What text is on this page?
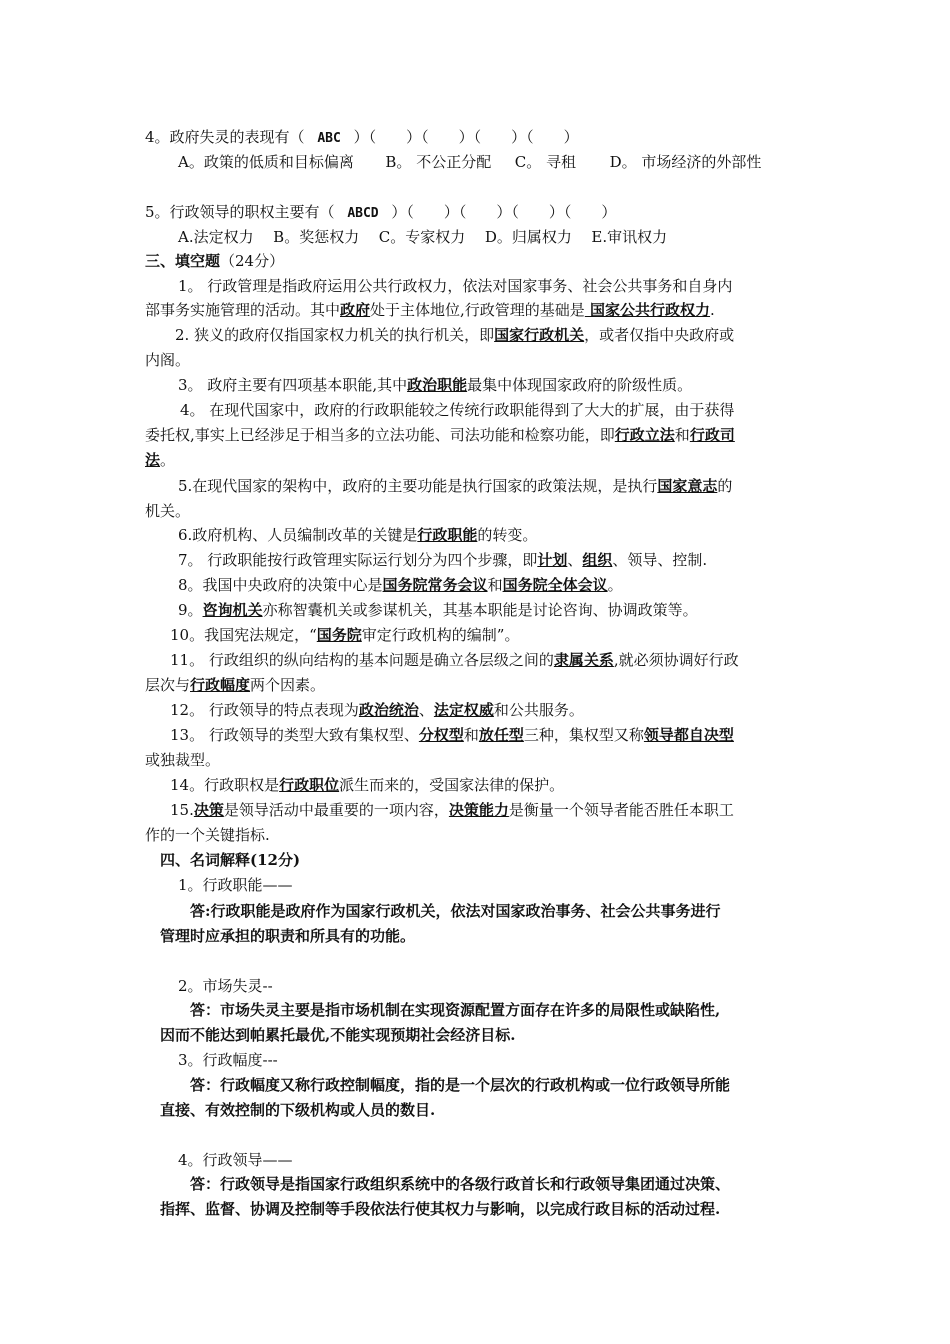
4。政府失灵的表现有（ ABC ）（　　）（　　）（　　）（　　）
A。政策的低质和目标偏离 B。 不公正分配 C。 寻租 D。 市场经济的外部性
5。行政领导的职权主要有（ ABCD ）（　　）（　　）（　　）（　　）
A.法定权力 B。奖惩权力 C。专家权力 D。归属权力 E.审讯权力
三、填空题（24分）
1。 行政管理是指政府运用公共行政权力，依法对国家事务、社会公共事务和自身内
部事务实施管理的活动。其中政府处于主体地位,行政管理的基础是 国家公共行政权力.
2. 狭义的政府仅指国家权力机关的执行机关，即国家行政机关，或者仅指中央政府或
内阁。
3。 政府主要有四项基本职能,其中政治职能最集中体现国家政府的阶级性质。
4。 在现代国家中，政府的行政职能较之传统行政职能得到了大大的扩展，由于获得
委托权,事实上已经涉足于相当多的立法功能、司法功能和检察功能，即行政立法和行政司
法。
5.在现代国家的架构中，政府的主要功能是执行国家的政策法规，是执行国家意志的
机关。
6.政府机构、人员编制改革的关键是行政职能的转变。
7。 行政职能按行政管理实际运行划分为四个步骤，即计划、组织、领导、控制.
8。我国中央政府的决策中心是国务院常务会议和国务院全体会议。
9。咨询机关亦称智囊机关或参谋机关，其基本职能是讨论咨询、协调政策等。
10。我国宪法规定，“国务院审定行政机构的编制”。
11。 行政组织的纵向结构的基本问题是确立各层级之间的隶属关系,就必须协调好行政
层次与行政幅度两个因素。
12。 行政领导的特点表现为政治统治、法定权威和公共服务。
13。 行政领导的类型大致有集权型、分权型和放任型三种，集权型又称领导都自决型
或独裁型。
14。行政职权是行政职位派生而来的，受国家法律的保护。
15.决策是领导活动中最重要的一项内容，决策能力是衡量一个领导者能否胜任本职工
作的一个关键指标.
四、名词解释(12分)
1。行政职能——
答:行政职能是政府作为国家行政机关，依法对国家政治事务、社会公共事务进行
管理时应承担的职责和所具有的功能。
2。市场失灵--
答：市场失灵主要是指市场机制在实现资源配置方面存在许多的局限性或缺陷性,
因而不能达到帕累托最优,不能实现预期社会经济目标.
3。行政幅度---
答：行政幅度又称行政控制幅度，指的是一个层次的行政机构或一位行政领导所能
直接、有效控制的下级机构或人员的数目.
4。行政领导——
答：行政领导是指国家行政组织系统中的各级行政首长和行政领导集团通过决策、
指挥、监督、协调及控制等手段依法行使其权力与影响，以完成行政目标的活动过程.
